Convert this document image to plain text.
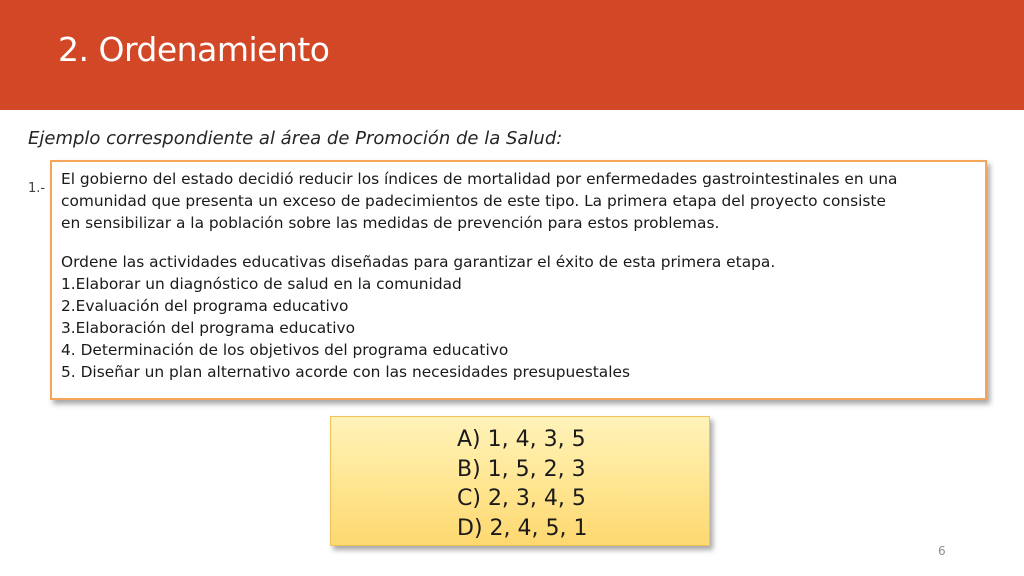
2. Ordenamiento
Ejemplo correspondiente al área de Promoción de la Salud:
1.-
El gobierno del estado decidió reducir los índices de mortalidad por enfermedades gastrointestinales en una
comunidad que presenta un exceso de padecimientos de este tipo. La primera etapa del proyecto consiste
en sensibilizar a la población sobre las medidas de prevención para estos problemas.
Ordene las actividades educativas diseñadas para garantizar el éxito de esta primera etapa.
1.Elaborar un diagnóstico de salud en la comunidad
2.Evaluación del programa educativo
3.Elaboración del programa educativo
4. Determinación de los objetivos del programa educativo
5. Diseñar un plan alternativo acorde con las necesidades presupuestales
A) 1, 4, 3, 5
B) 1, 5, 2, 3
C) 2, 3, 4, 5
D) 2, 4, 5, 1
6
